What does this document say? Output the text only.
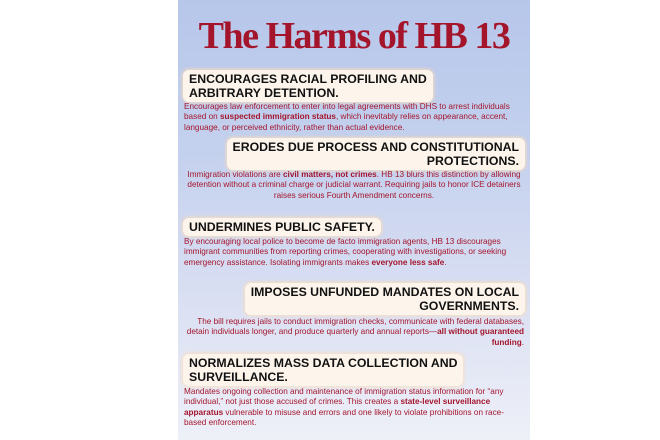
The Harms of HB 13
ENCOURAGES RACIAL PROFILING AND
ARBITRARY DETENTION.
Encourages law enforcement to enter into legal agreements with DHS to arrest individuals based on suspected immigration status, which inevitably relies on appearance, accent, language, or perceived ethnicity, rather than actual evidence.
ERODES DUE PROCESS AND CONSTITUTIONAL
PROTECTIONS.
Immigration violations are civil matters, not crimes. HB 13 blurs this distinction by allowing detention without a criminal charge or judicial warrant. Requiring jails to honor ICE detainers raises serious Fourth Amendment concerns.
UNDERMINES PUBLIC SAFETY.
By encouraging local police to become de facto immigration agents, HB 13 discourages immigrant communities from reporting crimes, cooperating with investigations, or seeking emergency assistance. Isolating immigrants makes everyone less safe.
IMPOSES UNFUNDED MANDATES ON LOCAL
GOVERNMENTS.
The bill requires jails to conduct immigration checks, communicate with federal databases, detain individuals longer, and produce quarterly and annual reports—all without guaranteed funding.
NORMALIZES MASS DATA COLLECTION AND
SURVEILLANCE.
Mandates ongoing collection and maintenance of immigration status information for “any individual,” not just those accused of crimes. This creates a state-level surveillance apparatus vulnerable to misuse and errors and one likely to violate prohibitions on race-based enforcement.
